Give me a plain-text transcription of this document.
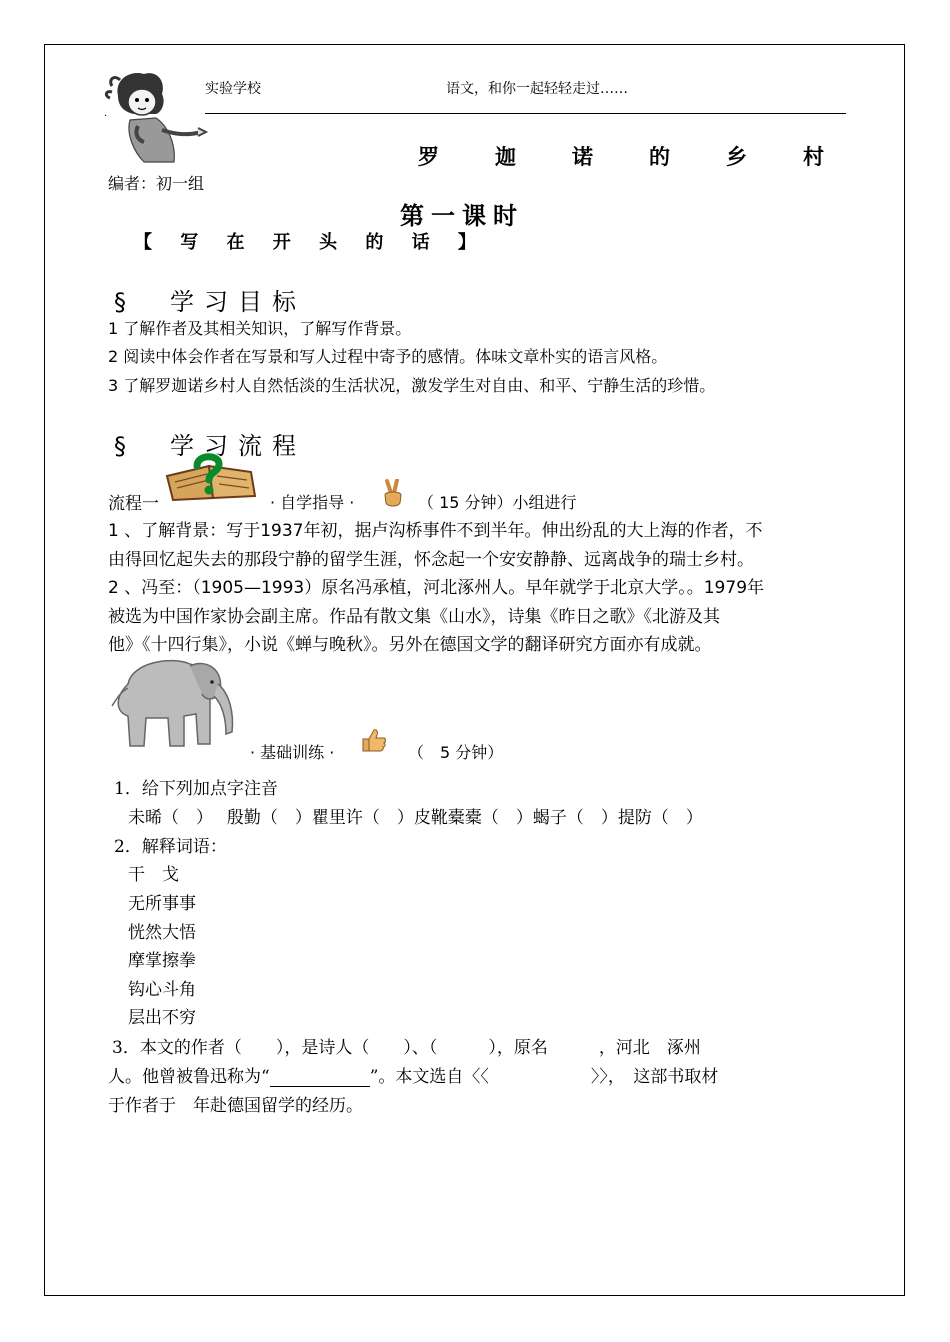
实验学校	语文，和你一起轻轻走过……
.
罗	迦	诺	的	乡	村
编者：初一组
第一课时
【 写 在 开 头 的 话 】
§　学习目标
1 了解作者及其相关知识，了解写作背景。
2 阅读中体会作者在写景和写人过程中寄予的感情。体味文章朴实的语言风格。
3 了解罗迦诺乡村人自然恬淡的生活状况，激发学生对自由、和平、宁静生活的珍惜。
§　学习流程
流程一	· 自学指导 ·	（ 15 分钟）小组进行
1 、了解背景：写于1937年初，据卢沟桥事件不到半年。伸出纷乱的大上海的作者，不
由得回忆起失去的那段宁静的留学生涯，怀念起一个安安静静、远离战争的瑞士乡村。
2 、冯至：（1905—1993）原名冯承植，河北涿州人。早年就学于北京大学。。1979年
被选为中国作家协会副主席。作品有散文集《山水》，诗集《昨日之歌》《北游及其
他》《十四行集》，小说《蝉与晚秋》。另外在德国文学的翻译研究方面亦有成就。
· 基础训练 ·	（　5 分钟）
1．给下列加点字注音
未晞（　）　 殷勤（　）瞿里许（　）皮靴橐橐（　）蝎子（　）提防（　）
2．解释词语：
干　戈
无所事事
恍然大悟
摩掌擦拳
钩心斗角
层出不穷
3．本文的作者（　　），是诗人（　　）、（　　　），原名　　　，河北　涿州
人。他曾被鲁迅称为“	”。本文选自〈〈　　　　　　〉〉，　这部书取材
于作者于　年赴德国留学的经历。
